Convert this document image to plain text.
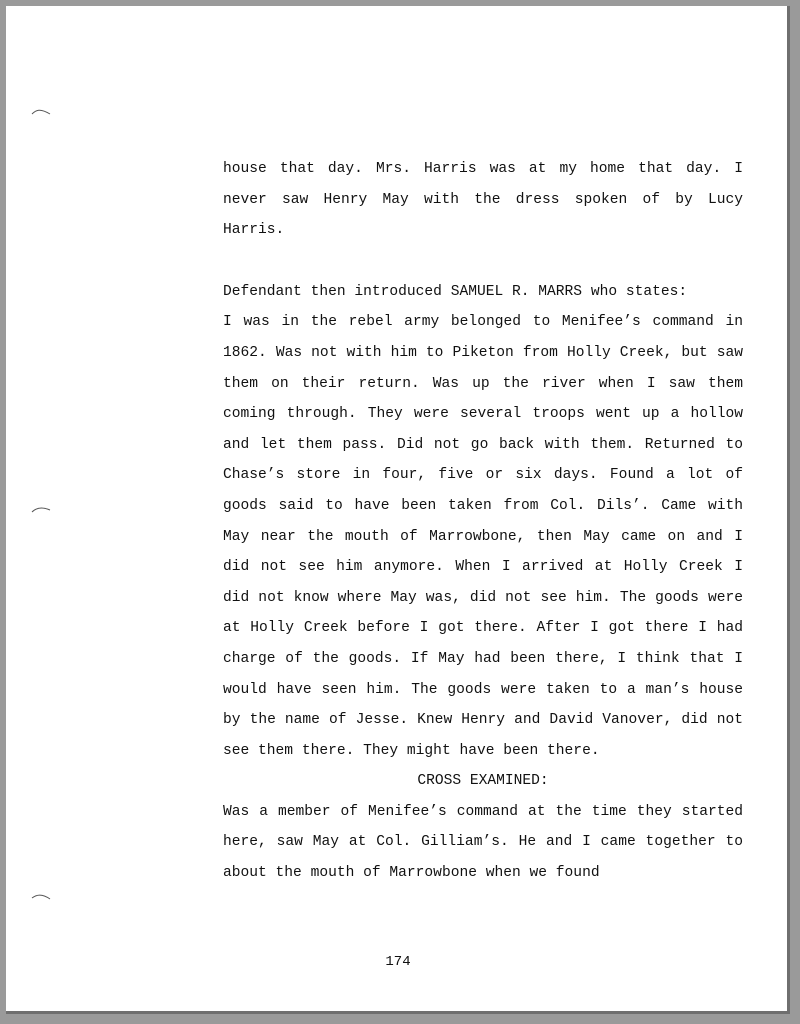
house that day. Mrs. Harris was at my home that day. I never saw Henry May with the dress spoken of by Lucy Harris.

Defendant then introduced SAMUEL R. MARRS who states:

I was in the rebel army belonged to Menifee’s command in 1862. Was not with him to Piketon from Holly Creek, but saw them on their return. Was up the river when I saw them coming through. They were several troops went up a hollow and let them pass. Did not go back with them. Returned to Chase’s store in four, five or six days. Found a lot of goods said to have been taken from Col. Dils’. Came with May near the mouth of Marrowbone, then May came on and I did not see him anymore. When I arrived at Holly Creek I did not know where May was, did not see him. The goods were at Holly Creek before I got there. After I got there I had charge of the goods. If May had been there, I think that I would have seen him. The goods were taken to a man’s house by the name of Jesse. Knew Henry and David Vanover, did not see them there. They might have been there.

CROSS EXAMINED:

Was a member of Menifee’s command at the time they started here, saw May at Col. Gilliam’s. He and I came together to about the mouth of Marrowbone when we found

174
